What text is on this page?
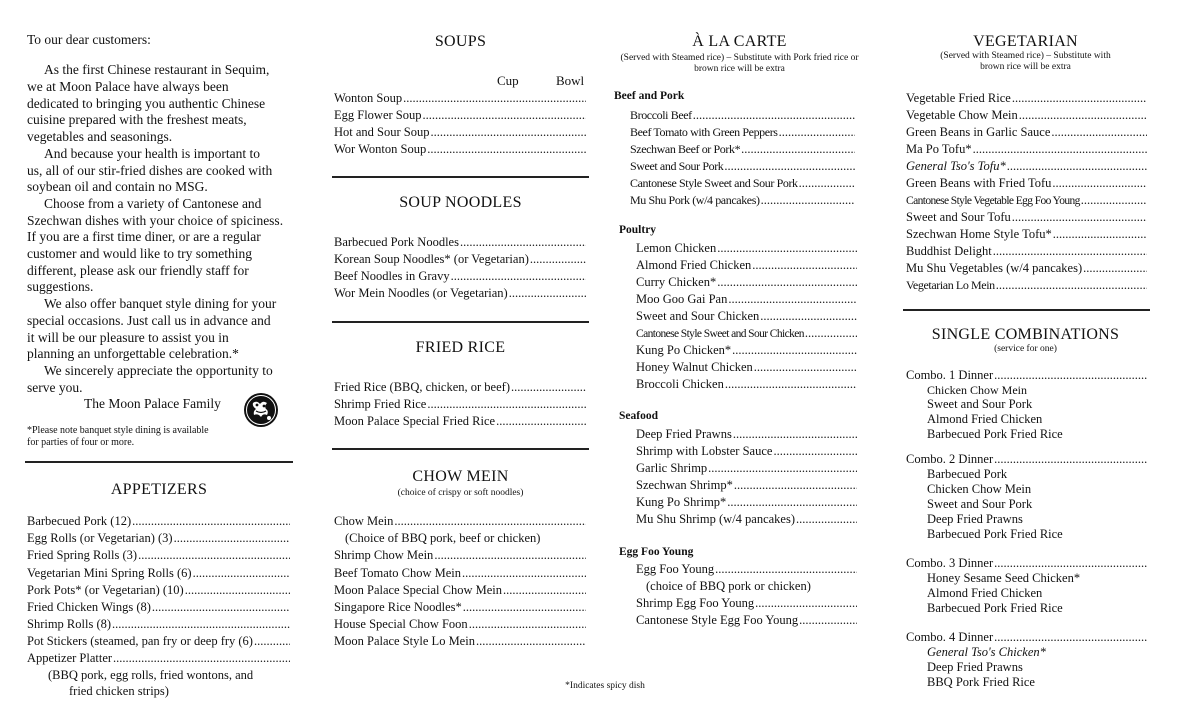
To our dear customers:
As the first Chinese restaurant in Sequim,
we at Moon Palace have always been
dedicated to bringing you authentic Chinese
cuisine prepared with the freshest meats,
vegetables and seasonings.
And because your health is important to
us, all of our stir-fried dishes are cooked with
soybean oil and contain no MSG.
Choose from a variety of Cantonese and
Szechwan dishes with your choice of spiciness.
If you are a first time diner, or are a regular
customer and would like to try something
different, please ask our friendly staff for
suggestions.
We also offer banquet style dining for your
special occasions. Just call us in advance and
it will be our pleasure to assist you in
planning an unforgettable celebration.*
We sincerely appreciate the opportunity to
serve you.
The Moon Palace Family
*Please note banquet style dining is available
for parties of four or more.
APPETIZERS
Barbecued Pork (12)
.....
Egg Rolls (or Vegetarian) (3)
.....
Fried Spring Rolls (3)
.....
Vegetarian Mini Spring Rolls (6)
.....
Pork Pots* (or Vegetarian) (10)
.....
Fried Chicken Wings (8)
.....
Shrimp Rolls (8)
.....
Pot Stickers (steamed, pan fry or deep fry (6)
.....
Appetizer Platter
.....
(BBQ pork, egg rolls, fried wontons, and
fried chicken strips)
SOUPS
Cup	Bowl
Wonton Soup
.....
Egg Flower Soup
.....
Hot and Sour Soup
.....
Wor Wonton Soup
.....
SOUP NOODLES
Barbecued Pork Noodles
.....
Korean Soup Noodles* (or Vegetarian)
.....
Beef Noodles in Gravy
.....
Wor Mein Noodles (or Vegetarian)
.....
FRIED RICE
Fried Rice (BBQ, chicken, or beef)
.....
Shrimp Fried Rice
.....
Moon Palace Special Fried Rice
.....
CHOW MEIN
(choice of crispy or soft noodles)
Chow Mein
.....
(Choice of BBQ pork, beef or chicken)
Shrimp Chow Mein
.....
Beef Tomato Chow Mein
.....
Moon Palace Special Chow Mein
.....
Singapore Rice Noodles*
.....
House Special Chow Foon
.....
Moon Palace Style Lo Mein
.....
*Indicates spicy dish
À LA CARTE
(Served with Steamed rice) – Substitute with Pork fried rice or
brown rice will be extra
Beef and Pork
Broccoli Beef
.....
Beef Tomato with Green Peppers
.....
Szechwan Beef or Pork*
.....
Sweet and Sour Pork
.....
Cantonese Style Sweet and Sour Pork
.....
Mu Shu Pork (w/4 pancakes)
.....
Poultry
Lemon Chicken
.....
Almond Fried Chicken
.....
Curry Chicken*
.....
Moo Goo Gai Pan
.....
Sweet and Sour Chicken
.....
Cantonese Style Sweet and Sour Chicken
.....
Kung Po Chicken*
.....
Honey Walnut Chicken
.....
Broccoli Chicken
.....
Seafood
Deep Fried Prawns
.....
Shrimp with Lobster Sauce
.....
Garlic Shrimp
.....
Szechwan Shrimp*
.....
Kung Po Shrimp*
.....
Mu Shu Shrimp (w/4 pancakes)
.....
Egg Foo Young
Egg Foo Young
.....
(choice of BBQ pork or chicken)
Shrimp Egg Foo Young
.....
Cantonese Style Egg Foo Young
.....
VEGETARIAN
(Served with Steamed rice) – Substitute with
brown rice will be extra
Vegetable Fried Rice
.....
Vegetable Chow Mein
.....
Green Beans in Garlic Sauce
.....
Ma Po Tofu*
.....
General Tso's Tofu*
.....
Green Beans with Fried Tofu
.....
Cantonese Style Vegetable Egg Foo Young
.....
Sweet and Sour Tofu
.....
Szechwan Home Style Tofu*
.....
Buddhist Delight
.....
Mu Shu Vegetables (w/4 pancakes)
.....
Vegetarian Lo Mein
.....
SINGLE COMBINATIONS
(service for one)
Combo. 1 Dinner
.....
Chicken Chow Mein
Sweet and Sour Pork
Almond Fried Chicken
Barbecued Pork Fried Rice
Combo. 2 Dinner
.....
Barbecued Pork
Chicken Chow Mein
Sweet and Sour Pork
Deep Fried Prawns
Barbecued Pork Fried Rice
Combo. 3 Dinner
.....
Honey Sesame Seed Chicken*
Almond Fried Chicken
Barbecued Pork Fried Rice
Combo. 4 Dinner
.....
General Tso's Chicken*
Deep Fried Prawns
BBQ Pork Fried Rice
